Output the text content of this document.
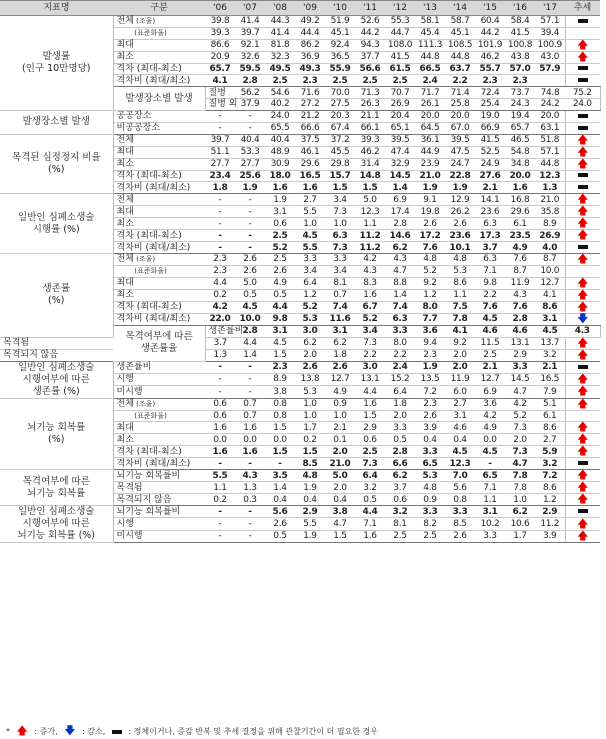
지표명	구분	'06	'07	'08	'09	'10	'11	'12	'13	'14	'15	'16	'17	추세	
발생률
(인구 10만명당)	전체 (조율)	39.8	41.4	44.3	49.2	51.9	52.6	55.3	58.1	58.7	60.4	58.4	57.1		
	(표준화율)	39.3	39.7	41.4	44.4	45.1	44.2	44.7	45.4	45.1	44.2	41.5	39.4		
	최대	86.6	92.1	81.8	86.2	92.4	94.3	108.0	111.3	108.5	101.9	100.8	100.9	🡅	
	최소	20.9	32.6	32.3	36.9	36.5	37.7	41.5	44.8	44.8	46.2	43.8	43.0	🡅	
	격차 (최대-최소)	65.7	59.5	49.5	49.3	55.9	56.6	61.5	66.5	63.7	55.7	57.0	57.9		
	격차비 (최대/최소)	4.1	2.8	2.5	2.3	2.5	2.5	2.5	2.4	2.2	2.3	2.3			
	발생장소별 발생	질병	56.2	54.6	71.6	70.0	71.3	70.7	71.7	71.4	72.4	73.7	74.8	75.2	
		질병 외	37.9	40.2	27.2	27.5	26.3	26.9	26.1	25.8	25.4	24.3	24.2	24.0	
발생장소별 발생	공공장소	-	-	24.0	21.2	20.3	21.1	20.4	20.0	20.0	19.0	19.4	20.0		
	비공공장소	-	-	65.5	66.6	67.4	66.1	65.1	64.5	67.0	66.9	65.7	63.1		
목격된 심정정지 비율
(%)	전체	39.7	40.4	40.4	37.5	37.2	39.3	39.5	36.1	39.5	41.5	46.5	51.8	🡅	
	최대	51.1	53.3	48.9	46.1	45.5	46.2	47.4	44.9	47.5	52.5	54.8	57.1	🡅	
	최소	27.7	27.7	30.9	29.6	29.8	31.4	32.9	23.9	24.7	24.9	34.8	44.8	🡅	
	격차 (최대-최소)	23.4	25.6	18.0	16.5	15.7	14.8	14.5	21.0	22.8	27.6	20.0	12.3		
	격차비 (최대/최소)	1.8	1.9	1.6	1.6	1.5	1.5	1.4	1.9	1.9	2.1	1.6	1.3		
일반인 심폐소생술
시행률 (%)	전체	-	-	1.9	2.7	3.4	5.0	6.9	9.1	12.9	14.1	16.8	21.0	🡅	
	최대	-	-	3.1	5.5	7.3	12.3	17.4	19.8	26.2	23.6	29.6	35.8	🡅	
	최소	-	-	0.6	1.0	1.0	1.1	2.8	2.6	2.6	6.3	6.1	8.9	🡅	
	격차 (최대-최소)	-	-	2.5	4.5	6.3	11.2	14.6	17.2	23.6	17.3	23.5	26.9	🡅	
	격차비 (최대/최소)	-	-	5.2	5.5	7.3	11.2	6.2	7.6	10.1	3.7	4.9	4.0		
생존률
(%)	전체 (조율)	2.3	2.6	2.5	3.3	3.3	4.2	4.3	4.8	4.8	6.3	7.6	8.7	🡅	
	(표준화율)	2.3	2.6	2.6	3.4	3.4	4.3	4.7	5.2	5.3	7.1	8.7	10.0		
	최대	4.4	5.0	4.9	6.4	8.1	8.3	8.8	9.2	8.6	9.8	11.9	12.7	🡅	
	최소	0.2	0.5	0.5	1.2	0.7	1.6	1.4	1.2	1.1	2.2	4.3	4.1	🡅	
	격차 (최대-최소)	4.2	4.5	4.4	5.2	7.4	6.7	7.4	8.0	7.5	7.6	7.6	8.6	🡅	
	격차비 (최대/최소)	22.0	10.0	9.8	5.3	11.6	5.2	6.3	7.7	7.8	4.5	2.8	3.1	🡇	
	목격여부에 따른
생존률율	생존률비	2.8	3.1	3.0	3.1	3.4	3.3	3.6	4.1	4.6	4.6	4.5	4.3	
목격됨		3.7	4.4	4.5	6.2	6.2	7.3	8.0	9.4	9.2	11.5	13.1	13.7	🡅	
목격되지 않음		1.3	1.4	1.5	2.0	1.8	2.2	2.2	2.3	2.0	2.5	2.9	3.2	🡅	
일반인 심폐소생술
시행여부에 따른
생존률 (%)	생존률비	-	-	2.3	2.6	2.6	3.0	2.4	1.9	2.0	2.1	3.3	2.1		
	시행	-	-	8.9	13.8	12.7	13.1	15.2	13.5	11.9	12.7	14.5	16.5	🡅	
	미시행	-	-	3.8	5.3	4.9	4.4	6.4	7.2	6.0	6.9	4.7	7.9	🡅	
뇌기능 회복률
(%)	전체 (조율)	0.6	0.7	0.8	1.0	0.9	1.6	1.8	2.3	2.7	3.6	4.2	5.1	🡅	
	(표준화율)	0.6	0.7	0.8	1.0	1.0	1.5	2.0	2.6	3.1	4.2	5.2	6.1		
	최대	1.6	1.6	1.5	1.7	2.1	2.9	3.3	3.9	4.6	4.9	7.3	8.6	🡅	
	최소	0.0	0.0	0.0	0.2	0.1	0.6	0.5	0.4	0.4	0.0	2.0	2.7	🡅	
	격차 (최대-최소)	1.6	1.6	1.5	1.5	2.0	2.5	2.8	3.3	4.5	4.5	7.3	5.9	🡅	
	격차비 (최대/최소)	-	-	-	8.5	21.0	7.3	6.6	6.5	12.3	-	4.7	3.2		
목격여부에 따른
뇌기능 회복률	뇌기능 회복률비	5.5	4.3	3.5	4.8	5.0	6.4	6.2	5.3	7.0	6.5	7.8	7.2	🡅	
	목격됨	1.1	1.3	1.4	1.9	2.0	3.2	3.7	4.8	5.6	7.1	7.8	8.6	🡅	
	목격되지 않음	0.2	0.3	0.4	0.4	0.4	0.5	0.6	0.9	0.8	1.1	1.0	1.2	🡅	
일반인 심폐소생술
시행여부에 따른
뇌기능 회복률 (%)	뇌기능 회복률비	-	-	5.6	2.9	3.8	4.4	3.2	3.3	3.3	3.1	6.2	2.9		
	시행	-	-	2.6	5.5	4.7	7.1	8.1	8.2	8.5	10.2	10.6	11.2	🡅	
	미시행	-	-	0.5	1.9	1.5	1.6	2.5	2.5	2.6	3.3	1.7	3.9	🡅	
* 🡅 : 증가, 🡇 : 감소,	: 정체이거나, 증감 반복 및 추세 결정을 위해 관찰기간이 더 필요한 경우
